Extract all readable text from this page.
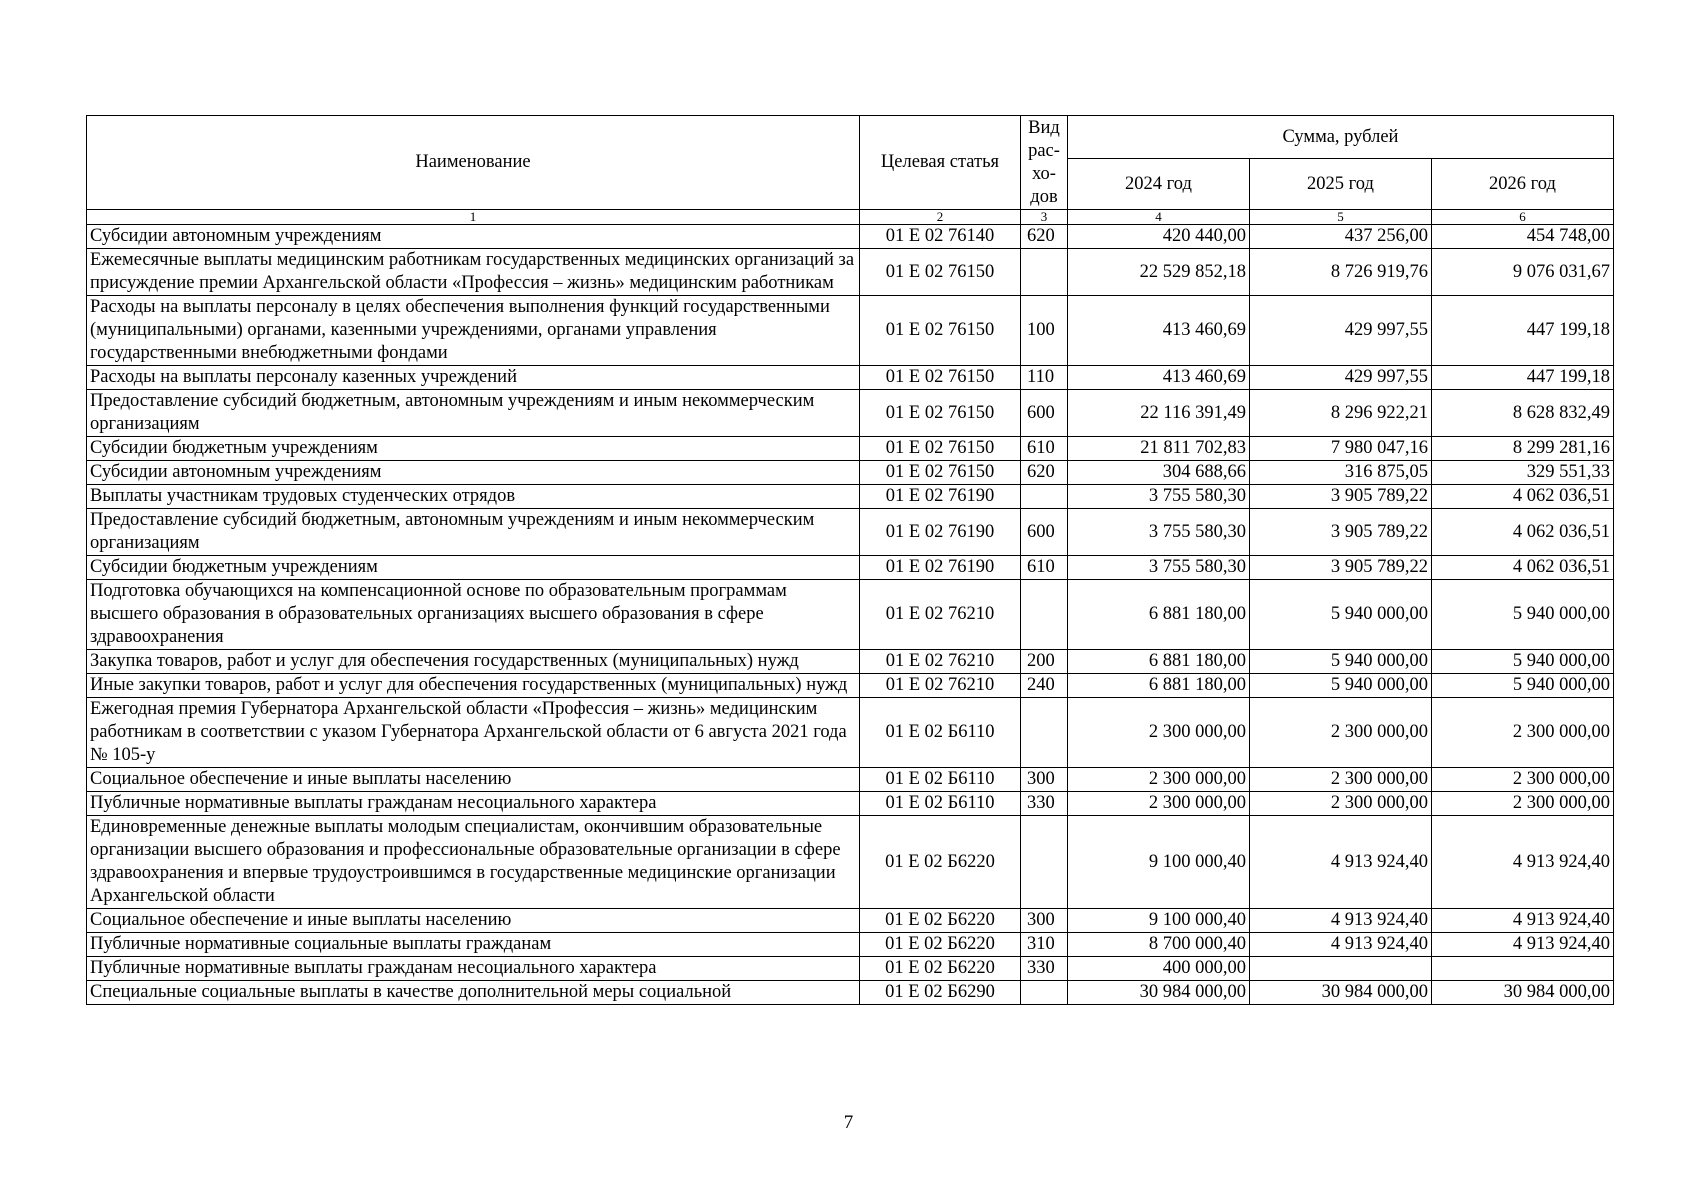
Наименование	Целевая статья	Вид рас-хо-дов	Сумма, рублей		
			2024 год	2025 год	2026 год
1	2	3	4	5	6
Субсидии автономным учреждениям	01 Е 02 76140	620	420 440,00	437 256,00	454 748,00
Ежемесячные выплаты медицинским работникам государственных медицинских организаций за присуждение премии Архангельской области «Профессия – жизнь» медицинским работникам	01 Е 02 76150		22 529 852,18	8 726 919,76	9 076 031,67
Расходы на выплаты персоналу в целях обеспечения выполнения функций государственными (муниципальными) органами, казенными учреждениями, органами управления государственными внебюджетными фондами	01 Е 02 76150	100	413 460,69	429 997,55	447 199,18
Расходы на выплаты персоналу казенных учреждений	01 Е 02 76150	110	413 460,69	429 997,55	447 199,18
Предоставление субсидий бюджетным, автономным учреждениям и иным некоммерческим организациям	01 Е 02 76150	600	22 116 391,49	8 296 922,21	8 628 832,49
Субсидии бюджетным учреждениям	01 Е 02 76150	610	21 811 702,83	7 980 047,16	8 299 281,16
Субсидии автономным учреждениям	01 Е 02 76150	620	304 688,66	316 875,05	329 551,33
Выплаты участникам трудовых студенческих отрядов	01 Е 02 76190		3 755 580,30	3 905 789,22	4 062 036,51
Предоставление субсидий бюджетным, автономным учреждениям и иным некоммерческим организациям	01 Е 02 76190	600	3 755 580,30	3 905 789,22	4 062 036,51
Субсидии бюджетным учреждениям	01 Е 02 76190	610	3 755 580,30	3 905 789,22	4 062 036,51
Подготовка обучающихся на компенсационной основе по образовательным программам высшего образования в образовательных организациях высшего образования в сфере здравоохранения	01 Е 02 76210		6 881 180,00	5 940 000,00	5 940 000,00
Закупка товаров, работ и услуг для обеспечения государственных (муниципальных) нужд	01 Е 02 76210	200	6 881 180,00	5 940 000,00	5 940 000,00
Иные закупки товаров, работ и услуг для обеспечения государственных (муниципальных) нужд	01 Е 02 76210	240	6 881 180,00	5 940 000,00	5 940 000,00
Ежегодная премия Губернатора Архангельской области «Профессия – жизнь» медицинским работникам в соответствии с указом Губернатора Архангельской области от 6 августа 2021 года № 105-у	01 Е 02 Б6110		2 300 000,00	2 300 000,00	2 300 000,00
Социальное обеспечение и иные выплаты населению	01 Е 02 Б6110	300	2 300 000,00	2 300 000,00	2 300 000,00
Публичные нормативные выплаты гражданам несоциального характера	01 Е 02 Б6110	330	2 300 000,00	2 300 000,00	2 300 000,00
Единовременные денежные выплаты молодым специалистам, окончившим образовательные организации высшего образования и профессиональные образовательные организации в сфере здравоохранения и впервые трудоустроившимся в государственные медицинские организации Архангельской области	01 Е 02 Б6220		9 100 000,40	4 913 924,40	4 913 924,40
Социальное обеспечение и иные выплаты населению	01 Е 02 Б6220	300	9 100 000,40	4 913 924,40	4 913 924,40
Публичные нормативные социальные выплаты гражданам	01 Е 02 Б6220	310	8 700 000,40	4 913 924,40	4 913 924,40
Публичные нормативные выплаты гражданам несоциального характера	01 Е 02 Б6220	330	400 000,00		
Специальные социальные выплаты в качестве дополнительной меры социальной	01 Е 02 Б6290		30 984 000,00	30 984 000,00	30 984 000,00
7
